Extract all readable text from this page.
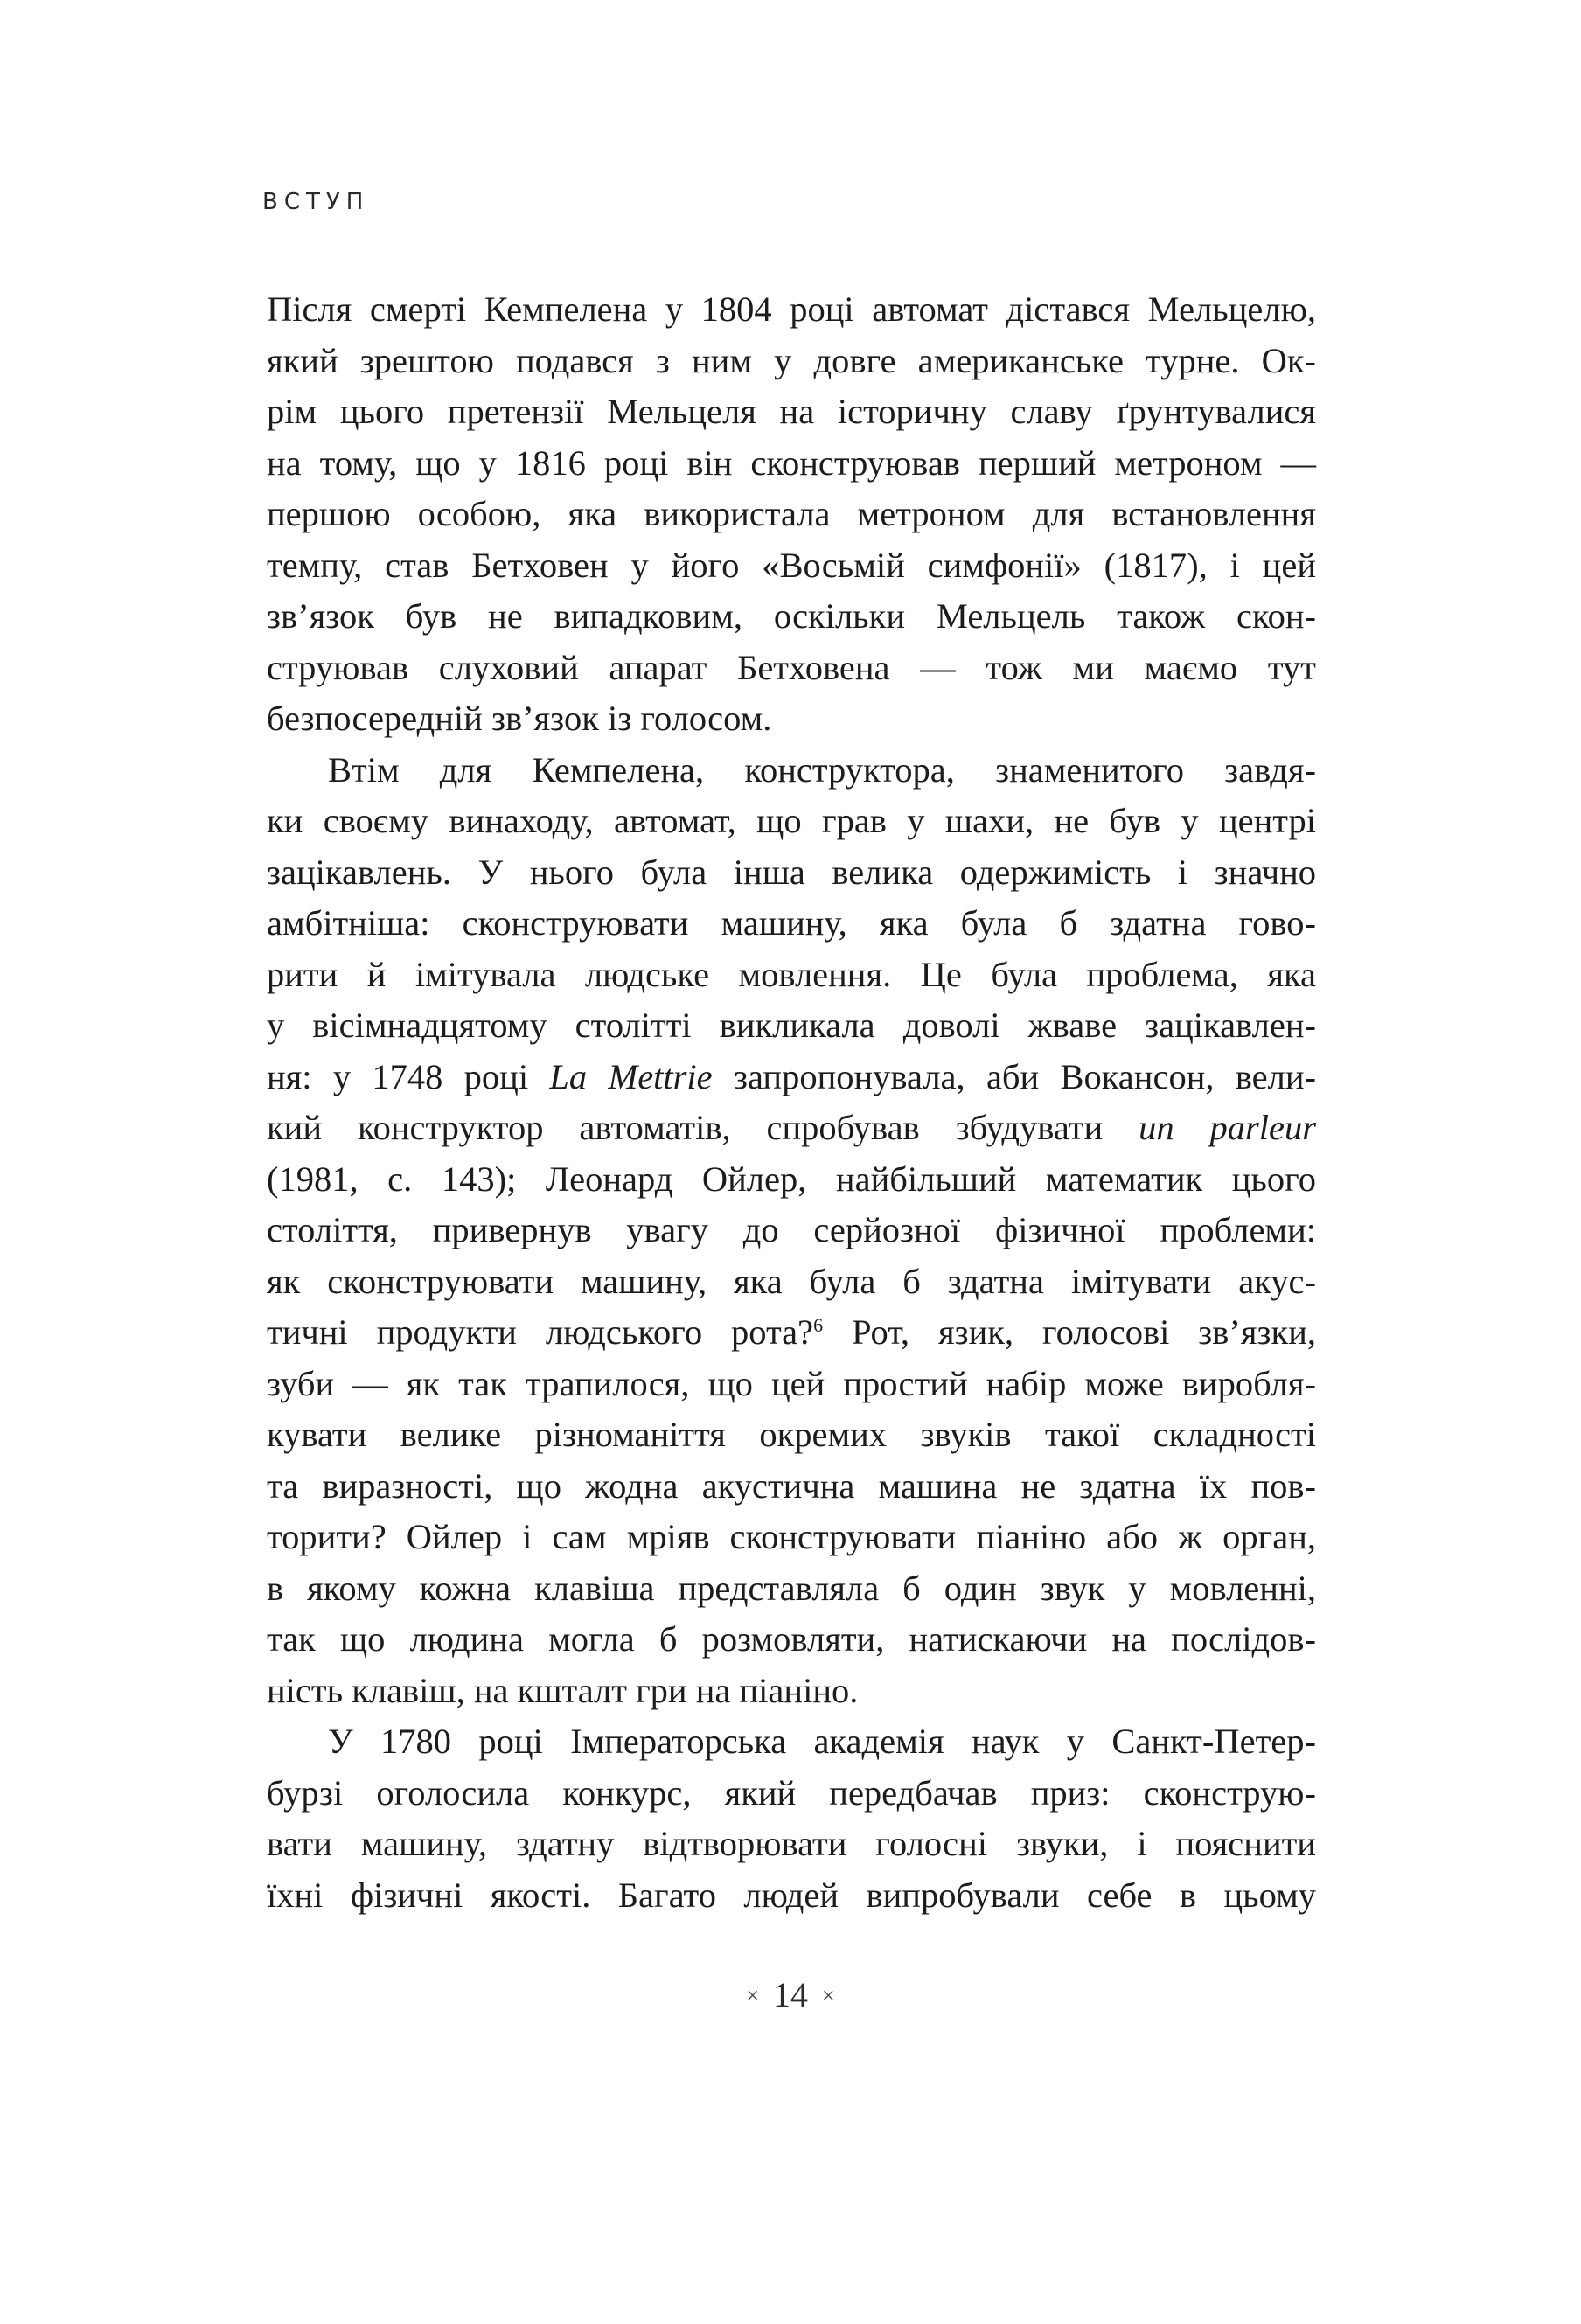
ВСТУП
Після смерті Кемпелена у 1804 році автомат дістався Мельцелю,
який зрештою подався з ним у довге американське турне. Ок-
рім цього претензії Мельцеля на історичну славу ґрунтувалися
на тому, що у 1816 році він сконструював перший метроном —
першою особою, яка використала метроном для встановлення
темпу, став Бетховен у його «Восьмій симфонії» (1817), і цей
зв’язок був не випадковим, оскільки Мельцель також скон-
струював слуховий апарат Бетховена — тож ми маємо тут
безпосередній зв’язок із голосом.
Втім для Кемпелена, конструктора, знаменитого завдя-
ки своєму винаходу, автомат, що грав у шахи, не був у центрі
зацікавлень. У нього була інша велика одержимість і значно
амбітніша: сконструювати машину, яка була б здатна гово-
рити й імітувала людське мовлення. Це була проблема, яка
у вісімнадцятому столітті викликала доволі жваве зацікавлен-
ня: у 1748 році La Mettrie запропонувала, аби Вокансон, вели-
кий конструктор автоматів, спробував збудувати un parleur
(1981, с. 143); Леонард Ойлер, найбільший математик цього
століття, привернув увагу до серйозної фізичної проблеми:
як сконструювати машину, яка була б здатна імітувати акус-
тичні продукти людського рота?$^6$ Рот, язик, голосові зв’язки,
зуби — як так трапилося, що цей простий набір може виробля-
кувати велике різноманіття окремих звуків такої складності
та виразності, що жодна акустична машина не здатна їх пов-
торити? Ойлер і сам мріяв сконструювати піаніно або ж орган,
в якому кожна клавіша представляла б один звук у мовленні,
так що людина могла б розмовляти, натискаючи на послідов-
ність клавіш, на кшталт гри на піаніно.
У 1780 році Імператорська академія наук у Санкт-Петер-
бурзі оголосила конкурс, який передбачав приз: сконструю-
вати машину, здатну відтворювати голосні звуки, і пояснити
їхні фізичні якості. Багато людей випробували себе в цьому
× 14 ×
